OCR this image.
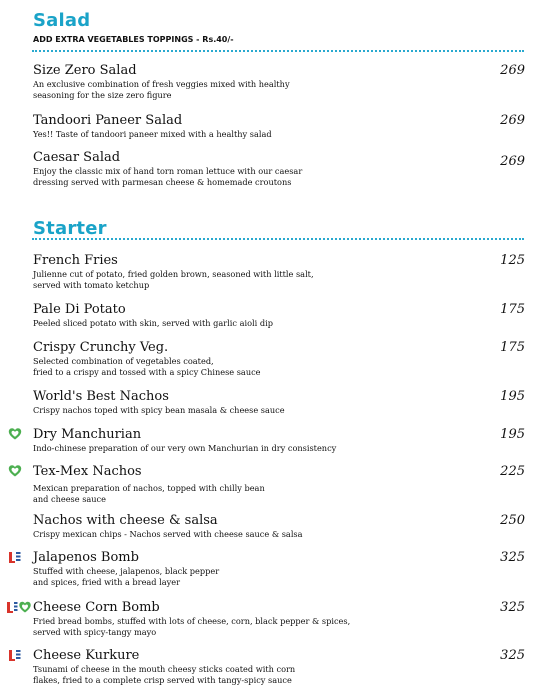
Salad
ADD EXTRA VEGETABLES TOPPINGS - Rs.40/-
Size Zero Salad
An exclusive combination of fresh veggies mixed with healthy
seasoning for the size zero figure
269
Tandoori Paneer Salad
Yes!! Taste of tandoori paneer mixed with a healthy salad
269
Caesar Salad
Enjoy the classic mix of hand torn roman lettuce with our caesar
dressing served with parmesan cheese & homemade croutons
269
Starter
French Fries
Julienne cut of potato, fried golden brown, seasoned with little salt,
served with tomato ketchup
125
Pale Di Potato
Peeled sliced potato with skin, served with garlic aioli dip
175
Crispy Crunchy Veg.
Selected combination of vegetables coated,
fried to a crispy and tossed with a spicy Chinese sauce
175
World's Best Nachos
Crispy nachos toped with spicy bean masala & cheese sauce
195
Dry Manchurian
Indo-chinese preparation of our very own Manchurian in dry consistency
195
Tex-Mex Nachos
Mexican preparation of nachos, topped with chilly bean
and cheese sauce
225
Nachos with cheese & salsa
Crispy mexican chips - Nachos served with cheese sauce & salsa
250
Jalapenos Bomb
Stuffed with cheese, jalapenos, black pepper
and spices, fried with a bread layer
325
Cheese Corn Bomb
Fried bread bombs, stuffed with lots of cheese, corn, black pepper & spices,
served with spicy-tangy mayo
325
Cheese Kurkure
Tsunami of cheese in the mouth cheesy sticks coated with corn
flakes, fried to a complete crisp served with tangy-spicy sauce
325
